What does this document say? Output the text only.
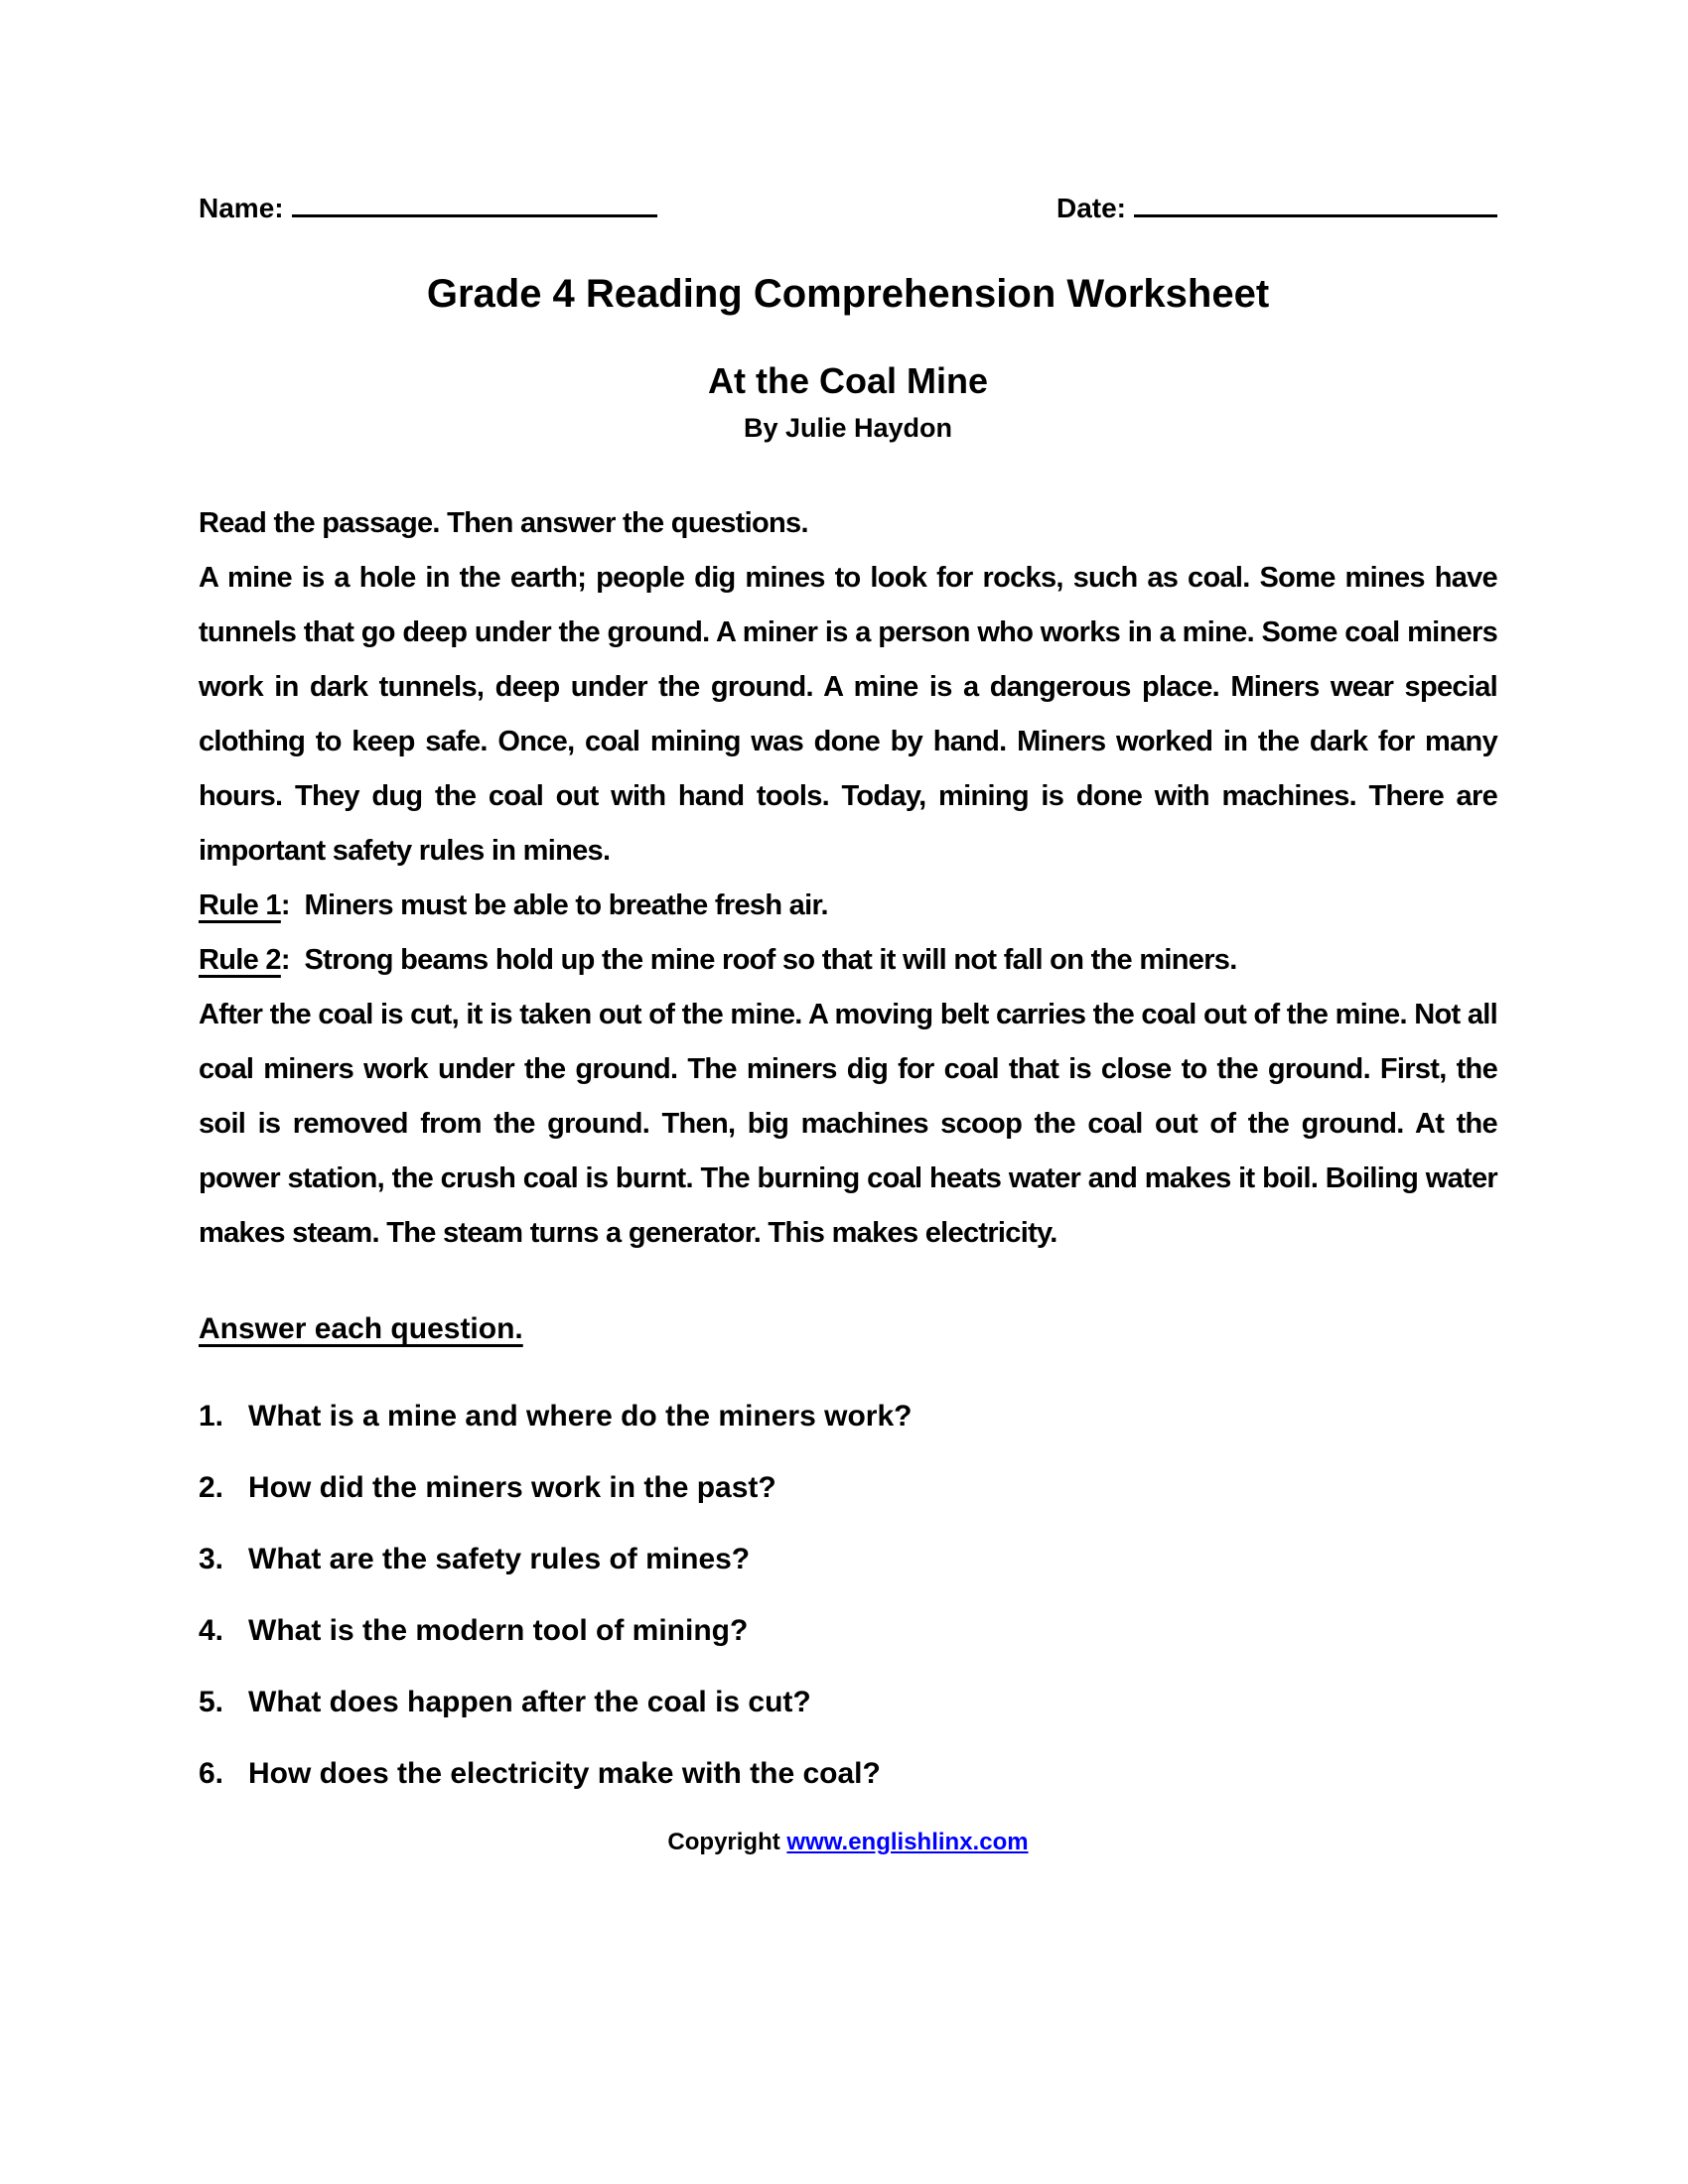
Name:	Date:
Grade 4 Reading Comprehension Worksheet
At the Coal Mine
By Julie Haydon
Read the passage. Then answer the questions.
A mine is a hole in the earth; people dig mines to look for rocks, such as coal. Some mines have tunnels that go deep under the ground. A miner is a person who works in a mine. Some coal miners work in dark tunnels, deep under the ground. A mine is a dangerous place. Miners wear special clothing to keep safe. Once, coal mining was done by hand. Miners worked in the dark for many hours. They dug the coal out with hand tools. Today, mining is done with machines. There are important safety rules in mines.
Rule 1:  Miners must be able to breathe fresh air.
Rule 2:  Strong beams hold up the mine roof so that it will not fall on the miners.
After the coal is cut, it is taken out of the mine. A moving belt carries the coal out of the mine. Not all coal miners work under the ground. The miners dig for coal that is close to the ground. First, the soil is removed from the ground. Then, big machines scoop the coal out of the ground. At the power station, the crush coal is burnt. The burning coal heats water and makes it boil. Boiling water makes steam. The steam turns a generator. This makes electricity.
Answer each question.
1. What is a mine and where do the miners work?
2. How did the miners work in the past?
3. What are the safety rules of mines?
4. What is the modern tool of mining?
5. What does happen after the coal is cut?
6. How does the electricity make with the coal?
Copyright www.englishlinx.com
